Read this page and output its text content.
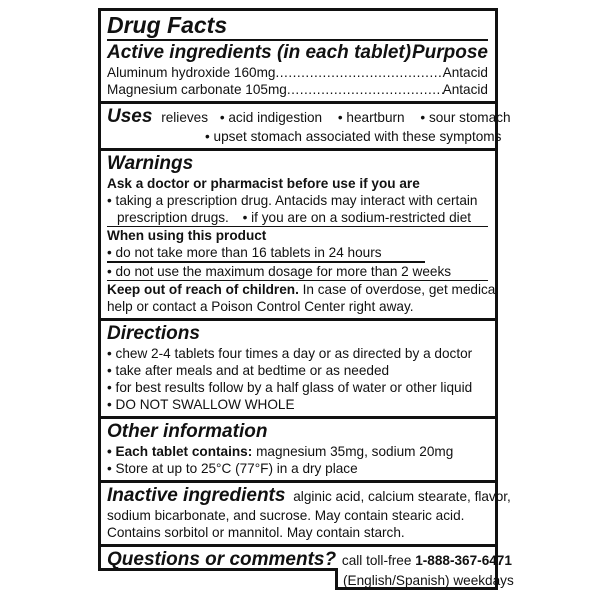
Drug Facts
Active ingredients (in each tablet) Purpose
Aluminum hydroxide 160mg .....	Antacid
Magnesium carbonate 105mg .....	Antacid
Uses relieves • acid indigestion • heartburn • sour stomach
• upset stomach associated with these symptoms
Warnings
Ask a doctor or pharmacist before use if you are
• taking a prescription drug. Antacids may interact with certain
prescription drugs. • if you are on a sodium-restricted diet
When using this product
• do not take more than 16 tablets in 24 hours
• do not use the maximum dosage for more than 2 weeks
Keep out of reach of children. In case of overdose, get medical
help or contact a Poison Control Center right away.
Directions
• chew 2-4 tablets four times a day or as directed by a doctor
• take after meals and at bedtime or as needed
• for best results follow by a half glass of water or other liquid
• DO NOT SWALLOW WHOLE
Other information
• Each tablet contains: magnesium 35mg, sodium 20mg
• Store at up to 25°C (77°F) in a dry place
Inactive ingredients alginic acid, calcium stearate, flavor,
sodium bicarbonate, and sucrose. May contain stearic acid.
Contains sorbitol or mannitol. May contain starch.
Questions or comments? call toll-free 1-888-367-6471
(English/Spanish) weekdays
